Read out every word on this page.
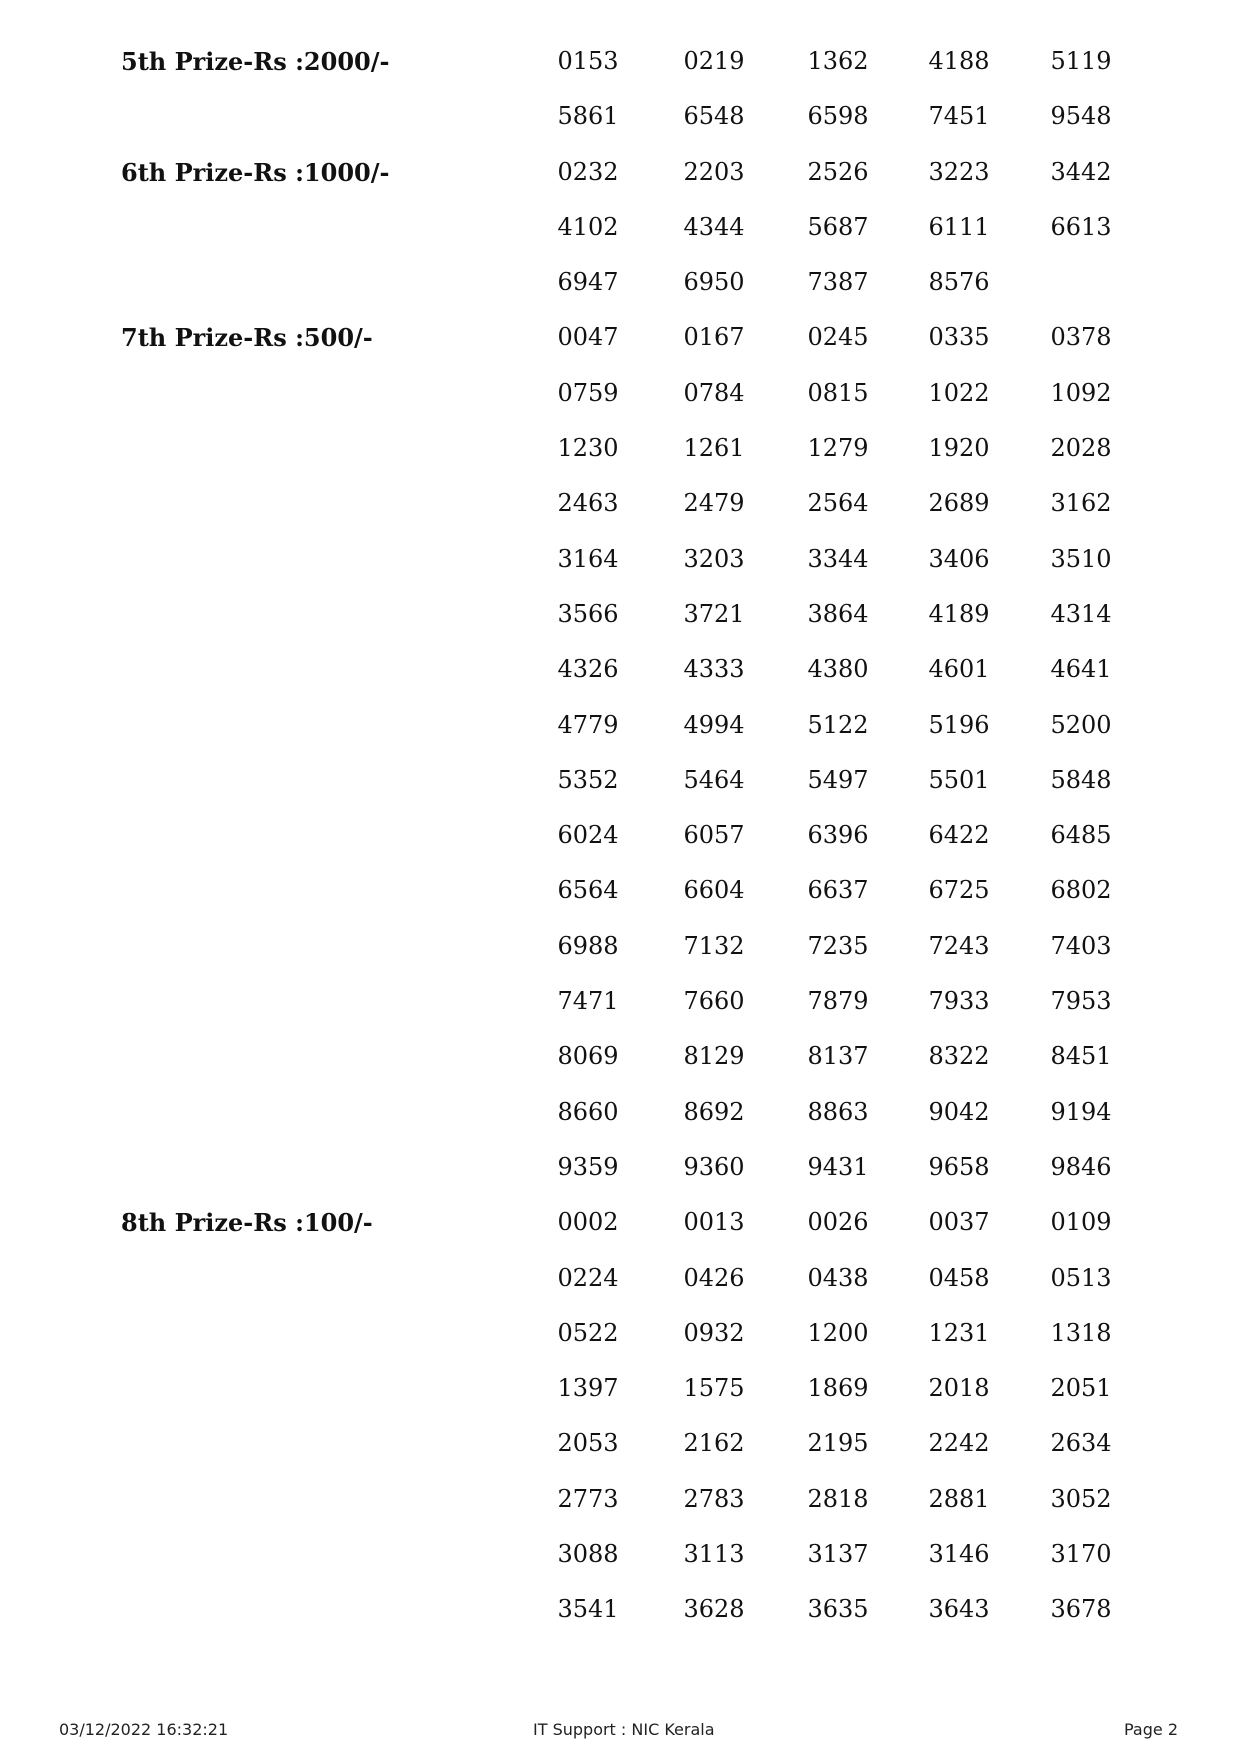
5th Prize-Rs :2000/-	0153	0219	1362 4188	5119
5861	6548	6598 7451	9548
6th Prize-Rs :1000/-	0232	2203	2526 3223	3442
4102	4344	5687 6111	6613
6947	6950	7387 8576
7th Prize-Rs :500/-	0047	0167	0245 0335	0378
0759	0784	0815 1022	1092
1230	1261	1279 1920	2028
2463	2479	2564 2689	3162
3164	3203	3344 3406	3510
3566	3721	3864 4189	4314
4326	4333	4380 4601	4641
4779	4994	5122 5196	5200
5352	5464	5497 5501	5848
6024	6057	6396 6422	6485
6564	6604	6637 6725	6802
6988	7132	7235 7243	7403
7471	7660	7879 7933	7953
8069	8129	8137 8322	8451
8660	8692	8863 9042	9194
9359	9360	9431 9658	9846
8th Prize-Rs :100/-	0002	0013	0026 0037	0109
0224	0426	0438 0458	0513
0522	0932	1200 1231	1318
1397	1575	1869 2018	2051
2053	2162	2195 2242	2634
2773	2783	2818 2881	3052
3088	3113	3137 3146	3170
3541	3628	3635 3643	3678
03/12/2022 16:32:21	IT Support : NIC Kerala	Page 2
